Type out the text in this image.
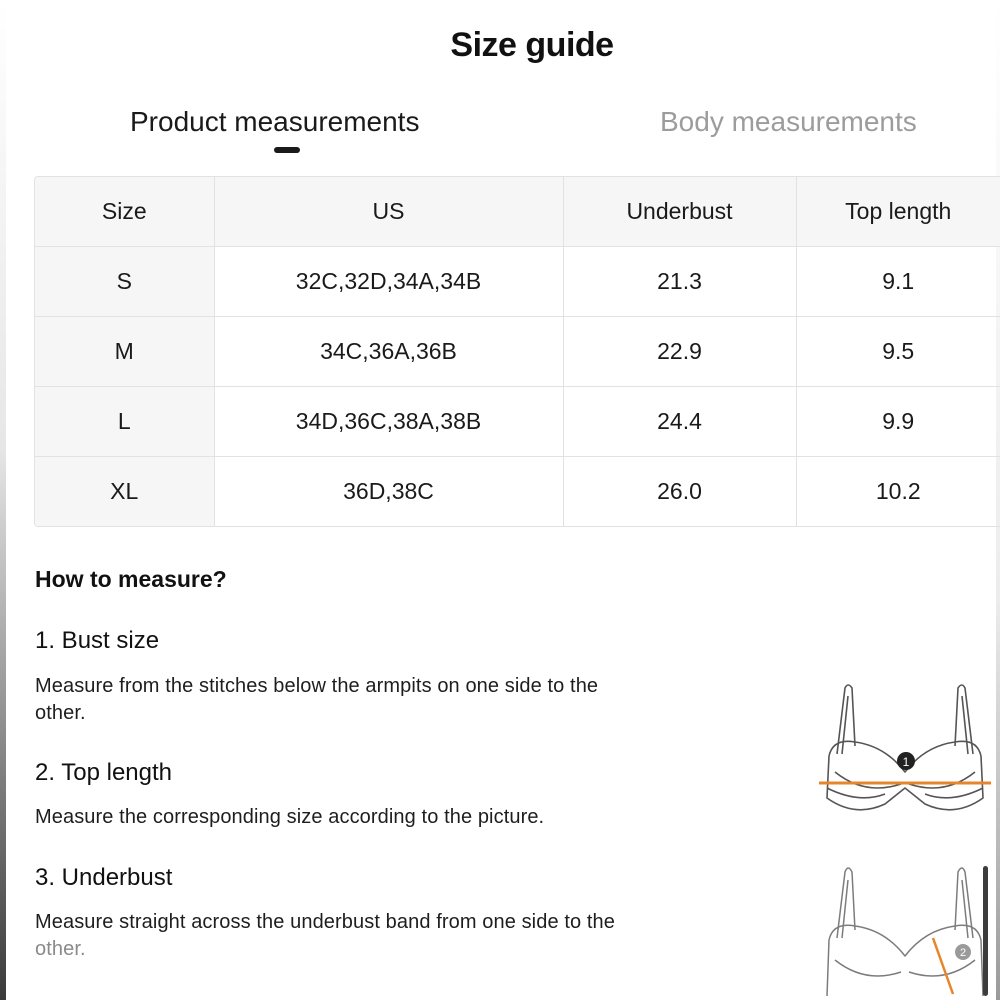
Size guide
Product measurements	Body measurements
Size	US	Underbust	Top length
S	32C,32D,34A,34B	21.3	9.1
M	34C,36A,36B	22.9	9.5
L	34D,36C,38A,38B	24.4	9.9
XL	36D,38C	26.0	10.2
How to measure?
1. Bust size
Measure from the stitches below the armpits on one side to the
other.
2. Top length
Measure the corresponding size according to the picture.
3. Underbust
Measure straight across the underbust band from one side to the
other.
1
2
